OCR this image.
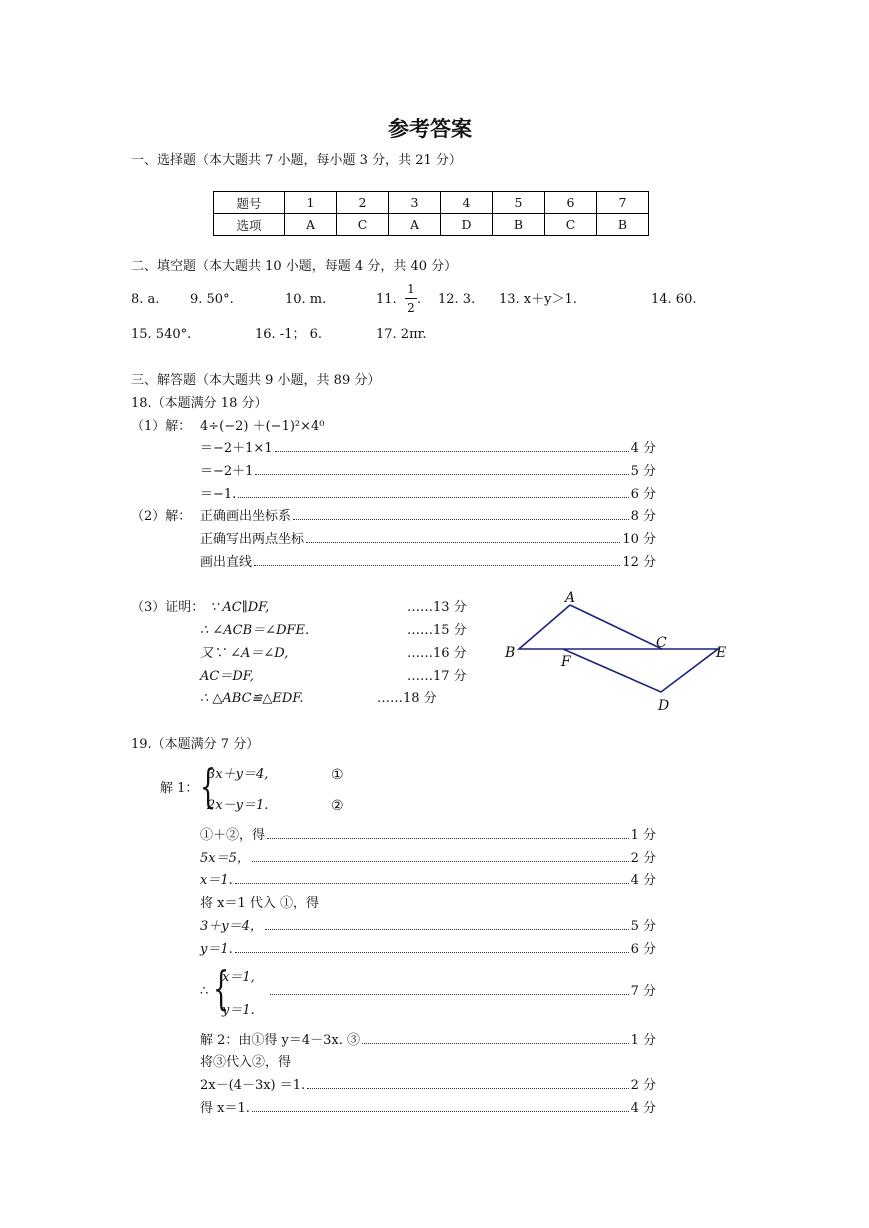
参考答案
一、选择题（本大题共 7 小题，每小题 3 分，共 21 分）
题号	1	2	3	4	5	6	7
选项	A	C	A	D	B	C	B
二、填空题（本大题共 10 小题，每题 4 分，共 40 分）
8. a. 9. 50°.	10. m.	11.
1
2
. 12. 3. 13. x＋y＞1.	14. 60.
15. 540°.	16. -1； 6.	17. 2πr.
三、解答题（本大题共 9 小题，共 89 分）
18.（本题满分 18 分）
（1）解： 4÷(−2) ＋(−1)²×4⁰
＝−2＋1×1	4 分
＝−2＋1	5 分
＝−1.	6 分
（2）解： 正确画出坐标系	8 分
正确写出两点坐标	10 分
画出直线	12 分
（3）证明： ∵ AC∥DF,	……13 分
∴ ∠ACB＝∠DFE.	……15 分
又∵ ∠A＝∠D,	……16 分
AC＝DF,	……17 分
∴ △ABC≌△EDF.	……18 分
A
B
C
D
E
F
19.（本题满分 7 分）
解 1： {
3x＋y＝4,	①
2x－y＝1.	②
①＋②，得	1 分
5x＝5，	2 分
x＝1.	4 分
将 x＝1 代入 ①，得
3＋y＝4，	5 分
y＝1.	6 分
∴ {
x＝1,
y＝1.
7 分
解 2：由①得 y＝4－3x. ③	1 分
将③代入②，得
2x－(4－3x) ＝1.	2 分
得 x＝1.	4 分
